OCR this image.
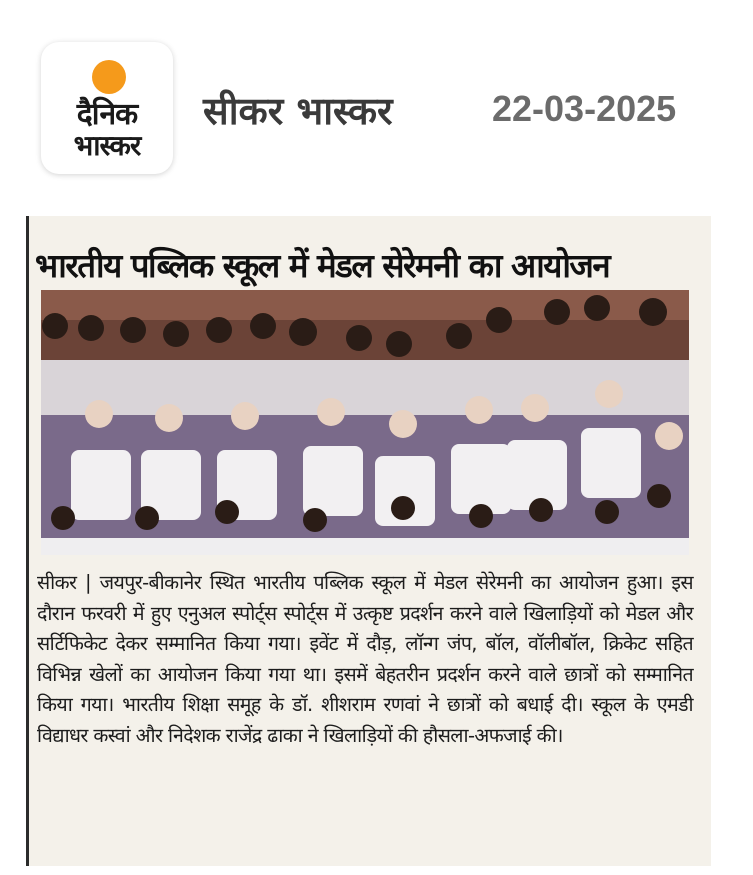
दैनिक
भास्कर
सीकर भास्कर	22-03-2025
भारतीय पब्लिक स्कूल में मेडल सेरेमनी का आयोजन
सीकर | जयपुर-बीकानेर स्थित भारतीय पब्लिक स्कूल में मेडल सेरेमनी का आयोजन हुआ। इस दौरान फरवरी में हुए एनुअल स्पोर्ट्स स्पोर्ट्स में उत्कृष्ट प्रदर्शन करने वाले खिलाड़ियों को मेडल और सर्टिफिकेट देकर सम्मानित किया गया। इवेंट में दौड़, लॉन्ग जंप, बॉल, वॉलीबॉल, क्रिकेट सहित विभिन्न खेलों का आयोजन किया गया था। इसमें बेहतरीन प्रदर्शन करने वाले छात्रों को सम्मानित किया गया। भारतीय शिक्षा समूह के डॉ. शीशराम रणवां ने छात्रों को बधाई दी। स्कूल के एमडी विद्याधर कस्वां और निदेशक राजेंद्र ढाका ने खिलाड़ियों की हौसला-अफजाई की।
